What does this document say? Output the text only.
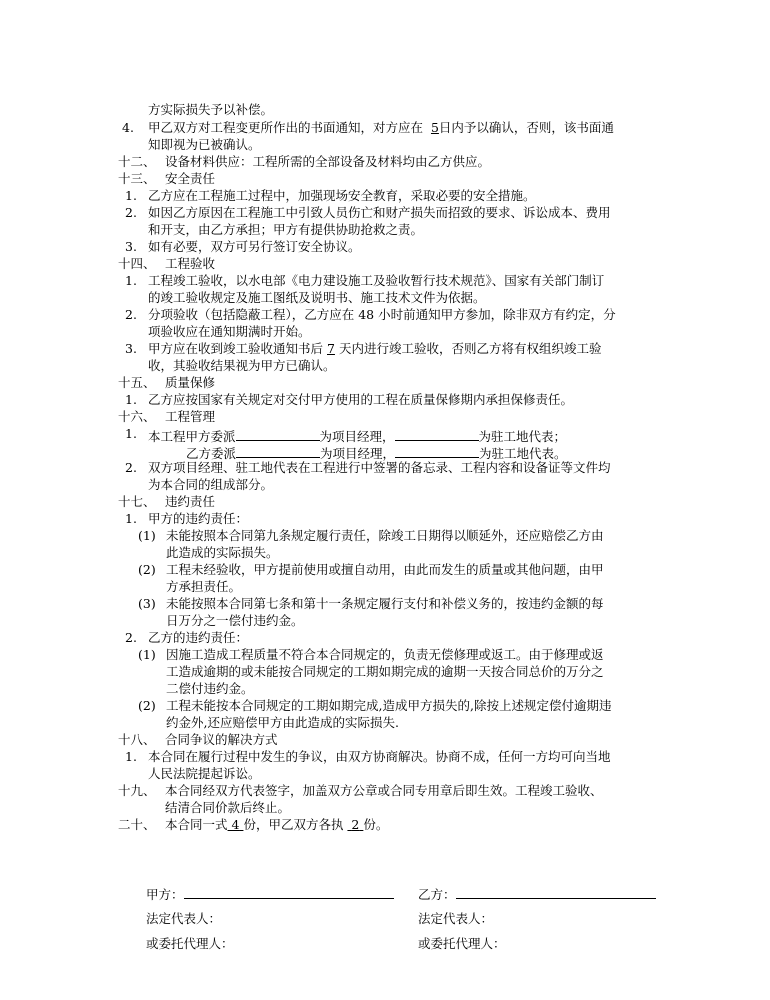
方实际损失予以补偿。
4. 甲乙双方对工程变更所作出的书面通知，对方应在 5日内予以确认，否则，该书面通
知即视为已被确认。
十二、 设备材料供应：工程所需的全部设备及材料均由乙方供应。
十三、 安全责任
1. 乙方应在工程施工过程中，加强现场安全教育，采取必要的安全措施。
2. 如因乙方原因在工程施工中引致人员伤亡和财产损失而招致的要求、诉讼成本、费用
和开支，由乙方承担；甲方有提供协助抢救之责。
3. 如有必要，双方可另行签订安全协议。
十四、 工程验收
1. 工程竣工验收，以水电部《电力建设施工及验收暂行技术规范》、国家有关部门制订
的竣工验收规定及施工图纸及说明书、施工技术文件为依据。
2. 分项验收（包括隐蔽工程），乙方应在 48 小时前通知甲方参加，除非双方有约定，分
项验收应在通知期满时开始。
3. 甲方应在收到竣工验收通知书后 7 天内进行竣工验收，否则乙方将有权组织竣工验
收，其验收结果视为甲方已确认。
十五、 质量保修
1. 乙方应按国家有关规定对交付甲方使用的工程在质量保修期内承担保修责任。
十六、 工程管理
1. 本工程甲方委派	为项目经理，	为驻工地代表；
乙方委派	为项目经理，	为驻工地代表。
2. 双方项目经理、驻工地代表在工程进行中签署的备忘录、工程内容和设备证等文件均
为本合同的组成部分。
十七、 违约责任
1. 甲方的违约责任：
(1) 未能按照本合同第九条规定履行责任，除竣工日期得以顺延外，还应赔偿乙方由
此造成的实际损失。
(2) 工程未经验收，甲方提前使用或擅自动用，由此而发生的质量或其他问题，由甲
方承担责任。
(3) 未能按照本合同第七条和第十一条规定履行支付和补偿义务的，按违约金额的每
日万分之一偿付违约金。
2. 乙方的违约责任：
(1) 因施工造成工程质量不符合本合同规定的，负责无偿修理或返工。由于修理或返
工造成逾期的或未能按合同规定的工期如期完成的逾期一天按合同总价的万分之
二偿付违约金。
(2) 工程未能按本合同规定的工期如期完成,造成甲方损失的,除按上述规定偿付逾期违
约金外,还应赔偿甲方由此造成的实际损失.
十八、 合同争议的解决方式
1. 本合同在履行过程中发生的争议，由双方协商解决。协商不成，任何一方均可向当地
人民法院提起诉讼。
十九、 本合同经双方代表签字，加盖双方公章或合同专用章后即生效。工程竣工验收、
结清合同价款后终止。
二十、 本合同一式 4 份，甲乙双方各执 2 份。
甲方：	乙方：
法定代表人：	法定代表人：
或委托代理人：	或委托代理人：
